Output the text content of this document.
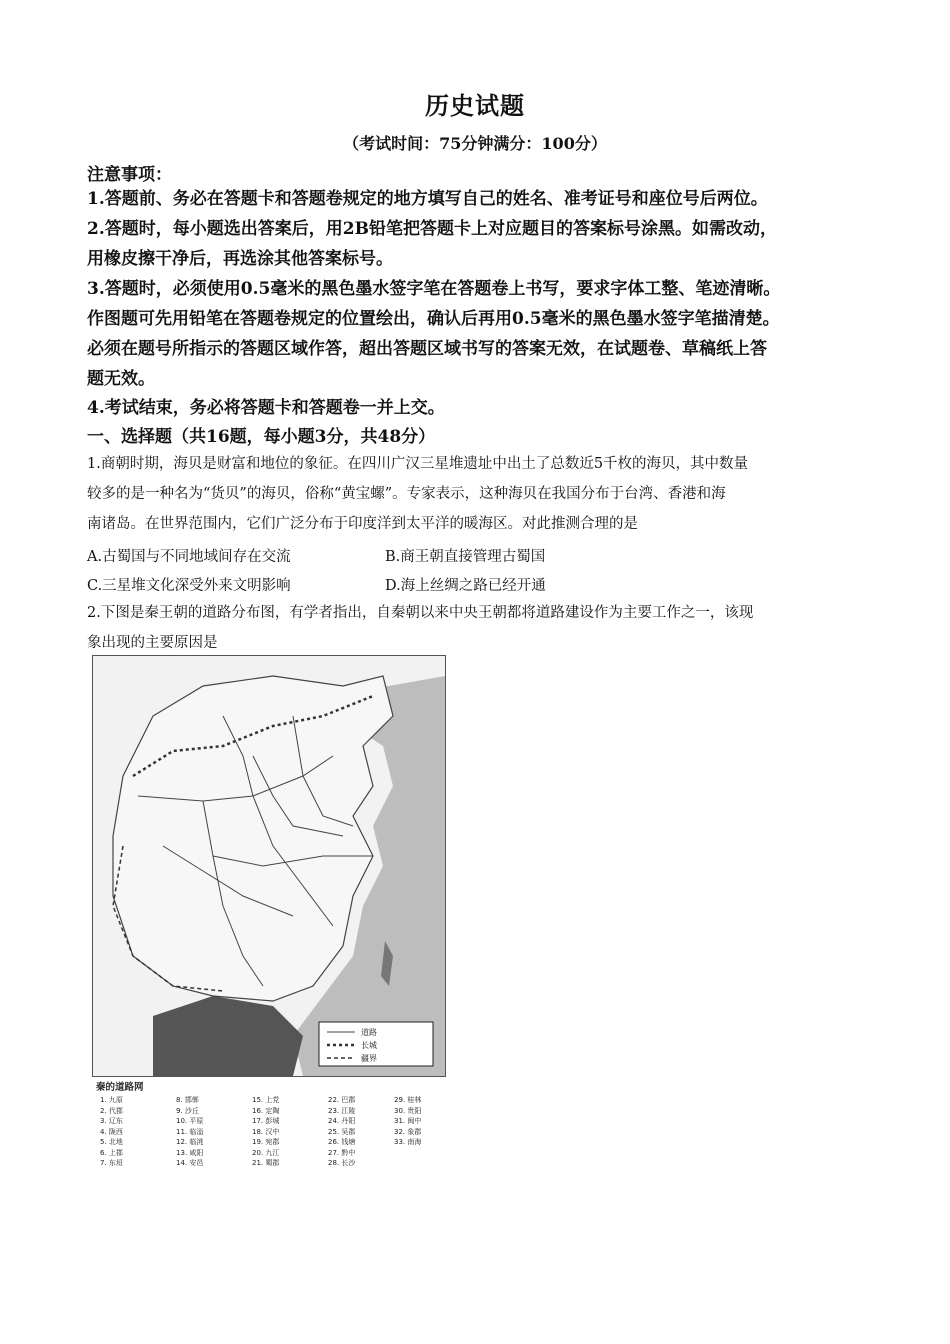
历史试题
（考试时间：75分钟满分：100分）
注意事项：
1.答题前、务必在答题卡和答题卷规定的地方填写自己的姓名、准考证号和座位号后两位。
2.答题时，每小题选出答案后，用2B铅笔把答题卡上对应题目的答案标号涂黑。如需改动，
用橡皮擦干净后，再选涂其他答案标号。
3.答题时，必须使用0.5毫米的黑色墨水签字笔在答题卷上书写，要求字体工整、笔迹清晰。
作图题可先用铅笔在答题卷规定的位置绘出，确认后再用0.5毫米的黑色墨水签字笔描清楚。
必须在题号所指示的答题区域作答，超出答题区域书写的答案无效，在试题卷、草稿纸上答
题无效。
4.考试结束，务必将答题卡和答题卷一并上交。
一、选择题（共16题，每小题3分，共48分）
1.商朝时期，海贝是财富和地位的象征。在四川广汉三星堆遗址中出土了总数近5千枚的海贝，其中数量
较多的是一种名为“货贝”的海贝，俗称“黄宝螺”。专家表示，这种海贝在我国分布于台湾、香港和海
南诸岛。在世界范围内，它们广泛分布于印度洋到太平洋的暖海区。对此推测合理的是
A.古蜀国与不同地域间存在交流	B.商王朝直接管理古蜀国
C.三星堆文化深受外来文明影响	D.海上丝绸之路已经开通
2.下图是秦王朝的道路分布图，有学者指出，自秦朝以来中央王朝都将道路建设作为主要工作之一，该现
象出现的主要原因是
道路
长城
疆界
秦的道路网
1. 九原
2. 代郡
3. 辽东
4. 陇西
5. 北地
6. 上郡
7. 东垣
8. 邯郸
9. 沙丘
10. 平原
11. 临淄
12. 临洮
13. 咸阳
14. 安邑
15. 上党
16. 定陶
17. 彭城
18. 汉中
19. 宛郡
20. 九江
21. 蜀郡
22. 巴郡
23. 江陵
24. 丹阳
25. 吴郡
26. 钱塘
27. 黔中
28. 长沙
29. 桂林
30. 贵阳
31. 闽中
32. 象郡
33. 南海
